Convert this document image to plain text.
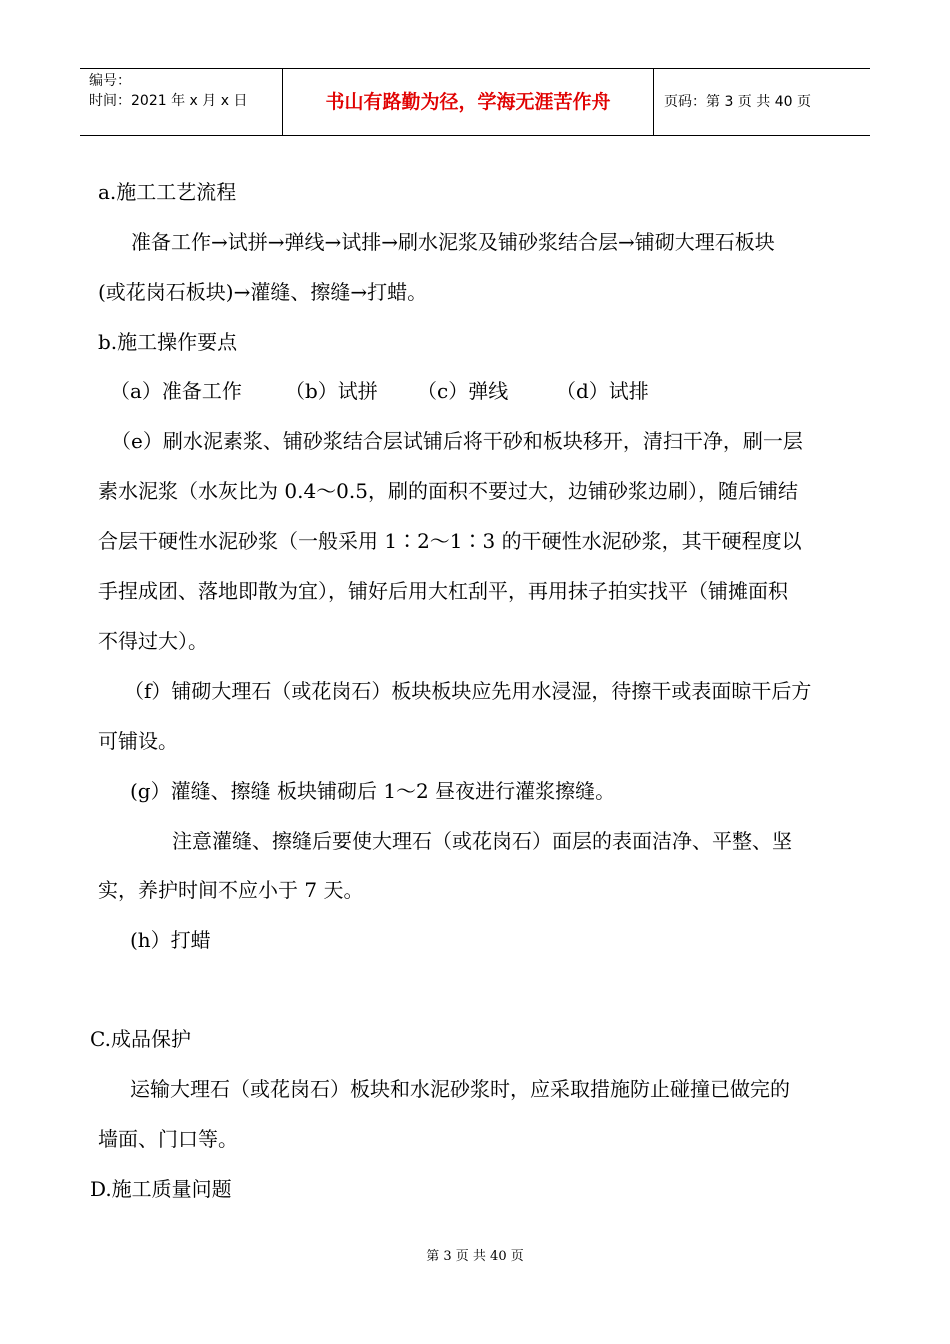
编号：
时间：2021 年 x 月 x 日	书山有路勤为径，学海无涯苦作舟	页码：第 3 页 共 40 页
a.施工工艺流程
准备工作→试拼→弹线→试排→刷水泥浆及铺砂浆结合层→铺砌大理石板块
(或花岗石板块)→灌缝、擦缝→打蜡。
b.施工操作要点
（a）准备工作 （b）试拼 （c）弹线 （d）试排
（e）刷水泥素浆、铺砂浆结合层试铺后将干砂和板块移开，清扫干净，刷一层
素水泥浆（水灰比为 0.4～0.5，刷的面积不要过大，边铺砂浆边刷），随后铺结
合层干硬性水泥砂浆（一般采用 1∶2～1∶3 的干硬性水泥砂浆，其干硬程度以
手捏成团、落地即散为宜），铺好后用大杠刮平，再用抹子拍实找平（铺摊面积
不得过大）。
（f）铺砌大理石（或花岗石）板块板块应先用水浸湿，待擦干或表面晾干后方
可铺设。
(g）灌缝、擦缝 板块铺砌后 1～2 昼夜进行灌浆擦缝。
注意灌缝、擦缝后要使大理石（或花岗石）面层的表面洁净、平整、坚
实，养护时间不应小于 7 天。
(h）打蜡
C.成品保护
运输大理石（或花岗石）板块和水泥砂浆时，应采取措施防止碰撞已做完的
墙面、门口等。
D.施工质量问题
第 3 页 共 40 页
